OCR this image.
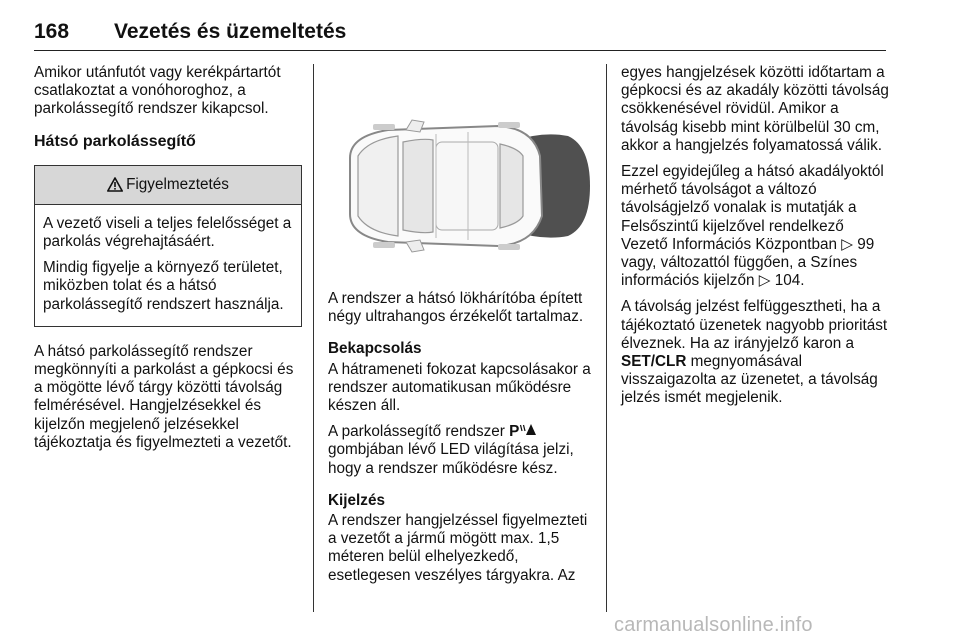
168 Vezetés és üzemeltetés

Amikor utánfutót vagy kerékpártartót csatlakoztat a vonóhoroghoz, a parkolássegítő rendszer kikapcsol.

Hátsó parkolássegítő
Figyelmeztetés

A vezető viseli a teljes felelősséget a parkolás végrehajtásáért.

Mindig figyelje a környező területet, miközben tolat és a hátsó parkolássegítő rendszert használja.

A hátsó parkolássegítő rendszer megkönnyíti a parkolást a gépkocsi és a mögötte lévő tárgy közötti távolság felmérésével. Hangjelzésekkel és kijelzőn megjelenő jelzésekkel tájékoztatja és figyelmezteti a vezetőt.

A rendszer a hátsó lökhárítóba épített négy ultrahangos érzékelőt tartalmaz.

Bekapcsolás

A hátrameneti fokozat kapcsolásakor a rendszer automatikusan működésre készen áll.

A parkolássegítő rendszer P gombjában lévő LED világítása jelzi, hogy a rendszer működésre kész.

Kijelzés

A rendszer hangjelzéssel figyelmezteti a vezetőt a jármű mögött max. 1,5 méteren belül elhelyezkedő, esetlegesen veszélyes tárgyakra. Az

egyes hangjelzések közötti időtartam a gépkocsi és az akadály közötti távolság csökkenésével rövidül. Amikor a távolság kisebb mint körülbelül 30 cm, akkor a hangjelzés folyamatossá válik.

Ezzel egyidejűleg a hátsó akadályoktól mérhető távolságot a változó távolságjelző vonalak is mutatják a Felsőszintű kijelzővel rendelkező Vezető Információs Központban ▷ 99 vagy, változattól függően, a Színes információs kijelzőn ▷ 104.

A távolság jelzést felfüggesztheti, ha a tájékoztató üzenetek nagyobb prioritást élveznek. Ha az irányjelző karon a SET/CLR megnyomásával visszaigazolta az üzenetet, a távolság jelzés ismét megjelenik.

carmanualsonline.info
